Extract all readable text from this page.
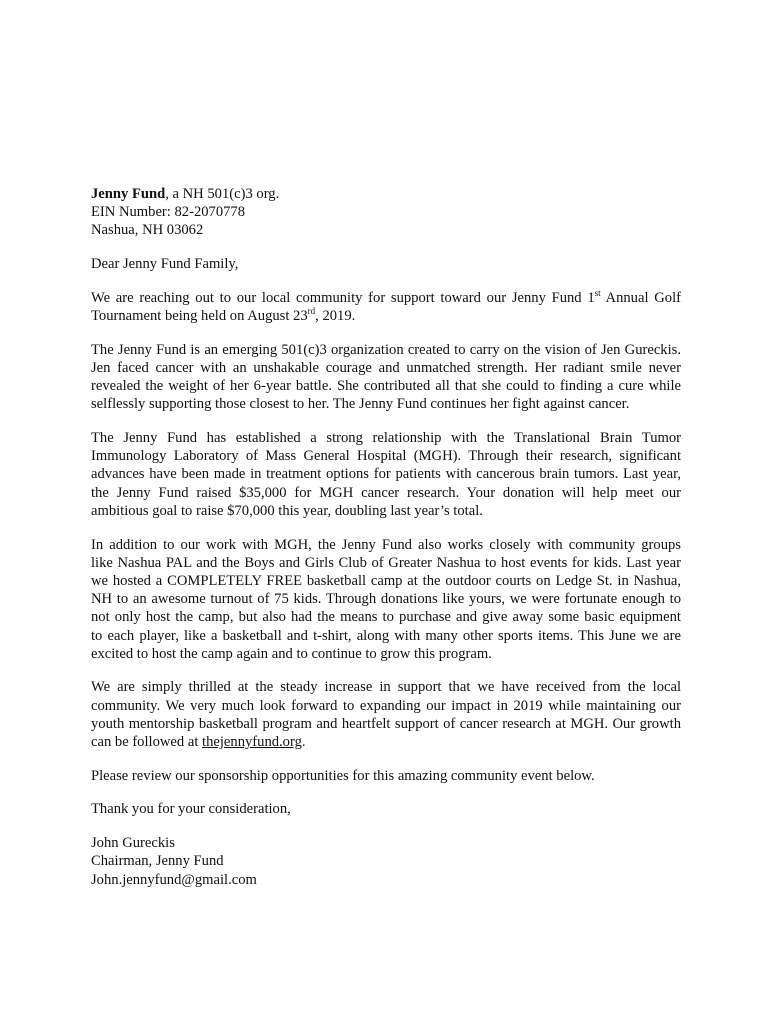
Jenny Fund, a NH 501(c)3 org.
EIN Number: 82-2070778
Nashua, NH 03062
Dear Jenny Fund Family,
We are reaching out to our local community for support toward our Jenny Fund 1st Annual Golf
Tournament being held on August 23rd, 2019.
The Jenny Fund is an emerging 501(c)3 organization created to carry on the vision of Jen Gureckis.
Jen faced cancer with an unshakable courage and unmatched strength. Her radiant smile never
revealed the weight of her 6-year battle. She contributed all that she could to finding a cure while
selflessly supporting those closest to her. The Jenny Fund continues her fight against cancer.
The Jenny Fund has established a strong relationship with the Translational Brain Tumor
Immunology Laboratory of Mass General Hospital (MGH). Through their research, significant
advances have been made in treatment options for patients with cancerous brain tumors. Last year,
the Jenny Fund raised $35,000 for MGH cancer research. Your donation will help meet our
ambitious goal to raise $70,000 this year, doubling last year’s total.
In addition to our work with MGH, the Jenny Fund also works closely with community groups
like Nashua PAL and the Boys and Girls Club of Greater Nashua to host events for kids. Last year
we hosted a COMPLETELY FREE basketball camp at the outdoor courts on Ledge St. in Nashua,
NH to an awesome turnout of 75 kids. Through donations like yours, we were fortunate enough to
not only host the camp, but also had the means to purchase and give away some basic equipment
to each player, like a basketball and t-shirt, along with many other sports items. This June we are
excited to host the camp again and to continue to grow this program.
We are simply thrilled at the steady increase in support that we have received from the local
community. We very much look forward to expanding our impact in 2019 while maintaining our
youth mentorship basketball program and heartfelt support of cancer research at MGH. Our growth
can be followed at thejennyfund.org.
Please review our sponsorship opportunities for this amazing community event below.
Thank you for your consideration,
John Gureckis
Chairman, Jenny Fund
John.jennyfund@gmail.com
